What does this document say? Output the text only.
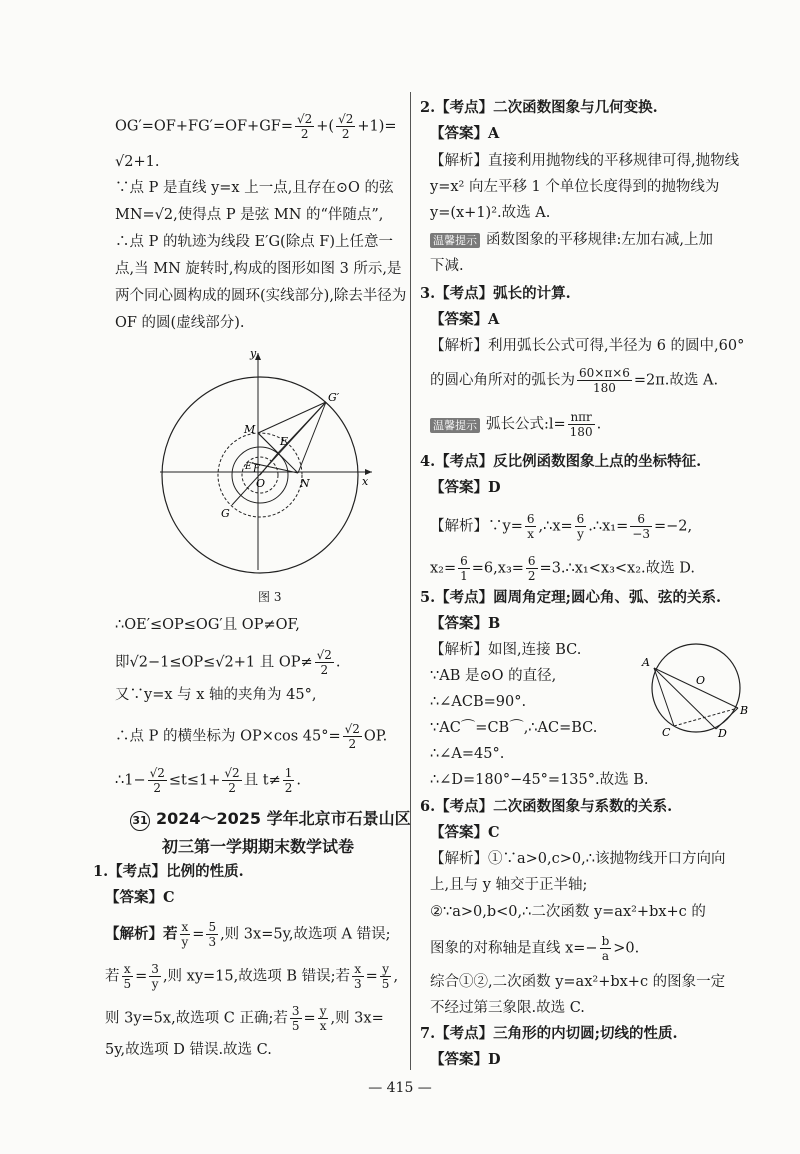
$OG'=OF+FG'=OF+GF= \frac{√2}{2}$ +( $\frac{√2}{2} +1)=$
√2+1.
∵点 P 是直线 y=x 上一点,且存在⊙O 的弦
MN=√2,使得点 P 是弦 MN 的“伴随点”,
∴点 P 的轨迹为线段 E′G(除点 F)上任意一
点,当 MN 旋转时,构成的图形如图 3 所示,是
两个同心圆构成的圆环(实线部分),除去半径为
OF 的圆(虚线部分).
y
x
M
N
E
F
O
G
G′
E′
图 3
∴OE′≤OP≤OG′且 OP≠OF,
即√2−1≤OP≤√2+1 且 $OP\ne \frac{√2}{2}$ .
又∵y=x 与 x 轴的夹角为 45°,
∴点 P 的横坐标为 OP×cos $45^\circ= \frac{√2}{2}$ OP.
∴1− $\frac{√2}{2} \le t\le 1+ \frac{√2}{2}$ 且 $t\ne \frac{1}{2}$ .
31 2024～2025 学年北京市石景山区
初三第一学期期末数学试卷
1.【考点】比例的性质.
【答案】C
【解析】若 $\frac{x}{y} = \frac{5}{3}$ ,则 3x=5y,故选项 A 错误;
若 $\frac{x}{5} = \frac{3}{y}$ ,则 xy=15,故选项 B 错误;若 $\frac{x}{3} = \frac{y}{5}$ ,
则 3y=5x,故选项 C 正确;若 $\frac{3}{5} = \frac{y}{x}$ ,则 3x=
5y,故选项 D 错误.故选 C.
2.【考点】二次函数图象与几何变换.
【答案】A
【解析】直接利用抛物线的平移规律可得,抛物线
y=x² 向左平移 1 个单位长度得到的抛物线为
y=(x+1)².故选 A.
温馨提示 函数图象的平移规律:左加右减,上加
下减.
3.【考点】弧长的计算.
【答案】A
【解析】利用弧长公式可得,半径为 6 的圆中,60°
的圆心角所对的弧长为 $\frac{60\times\pi\times 6}{180} =2\pi$.故选 A.
温馨提示 弧长公式:l= $\frac{\text{nπr}}{180}$ .
4.【考点】反比例函数图象上点的坐标特征.
【答案】D
【解析】∵y= $\frac{6}{x}$ ,∴x= $\frac{6}{y}$ .∴x₁= $\frac{6}{-3} =-2$,
$x_2= \frac{6}{1} =6,x_3= \frac{6}{2}$ =3.∴x₁<x₃<x₂.故选 D.
5.【考点】圆周角定理;圆心角、弧、弦的关系.
【答案】B
【解析】如图,连接 BC.
∵AB 是⊙O 的直径,
∴∠ACB=90°.
∵AC⌒=CB⌒,∴AC=BC.
∴∠A=45°.
∴∠D=180°−45°=135°.故选 B.
A
O
B
C	D
6.【考点】二次函数图象与系数的关系.
【答案】C
【解析】①∵a>0,c>0,∴该抛物线开口方向向
上,且与 y 轴交于正半轴;
②∵a>0,b<0,∴二次函数 y=ax²+bx+c 的
图象的对称轴是直线 $x=- \frac{b}{a} >0$.
综合①②,二次函数 y=ax²+bx+c 的图象一定
不经过第三象限.故选 C.
7.【考点】三角形的内切圆;切线的性质.
【答案】D
— 415 —
